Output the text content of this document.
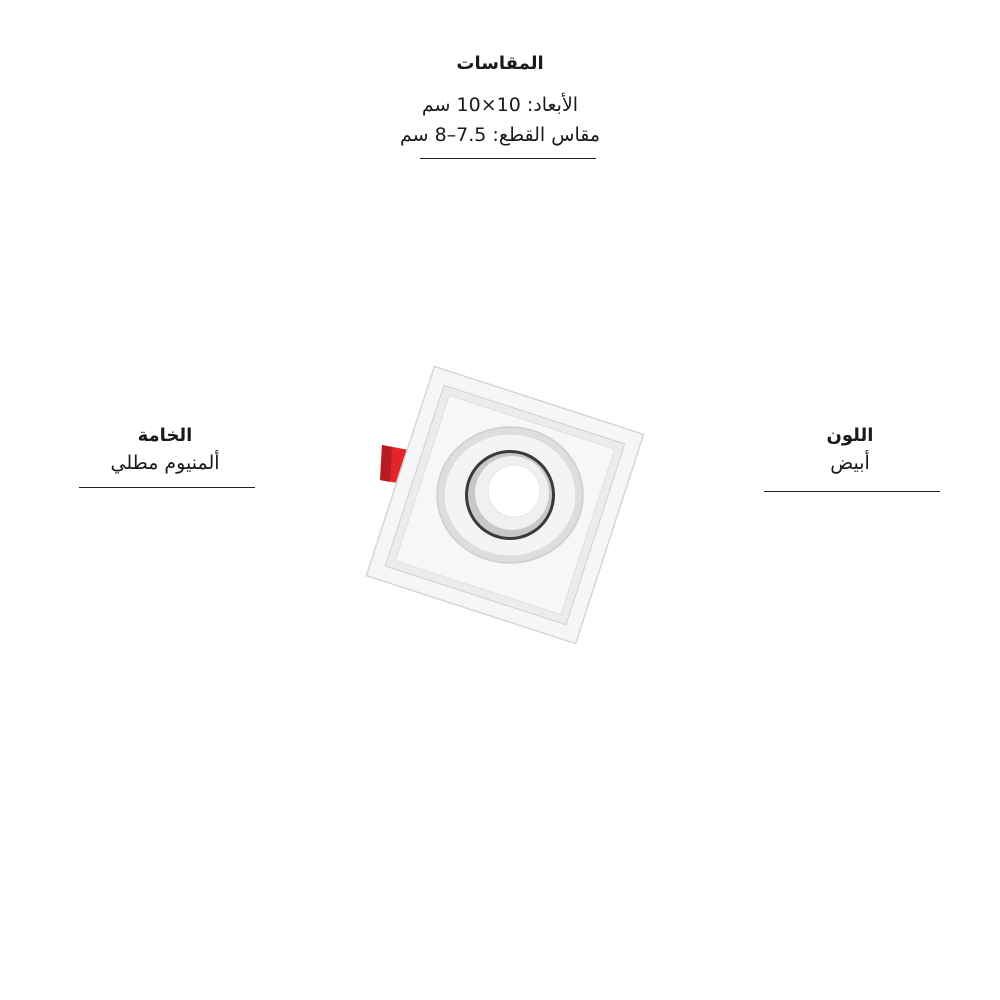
المقاسات
الأبعاد: 10×10 سم
مقاس القطع: 7.5–8 سم
الخامة
ألمنيوم مطلي
اللون
أبيض
